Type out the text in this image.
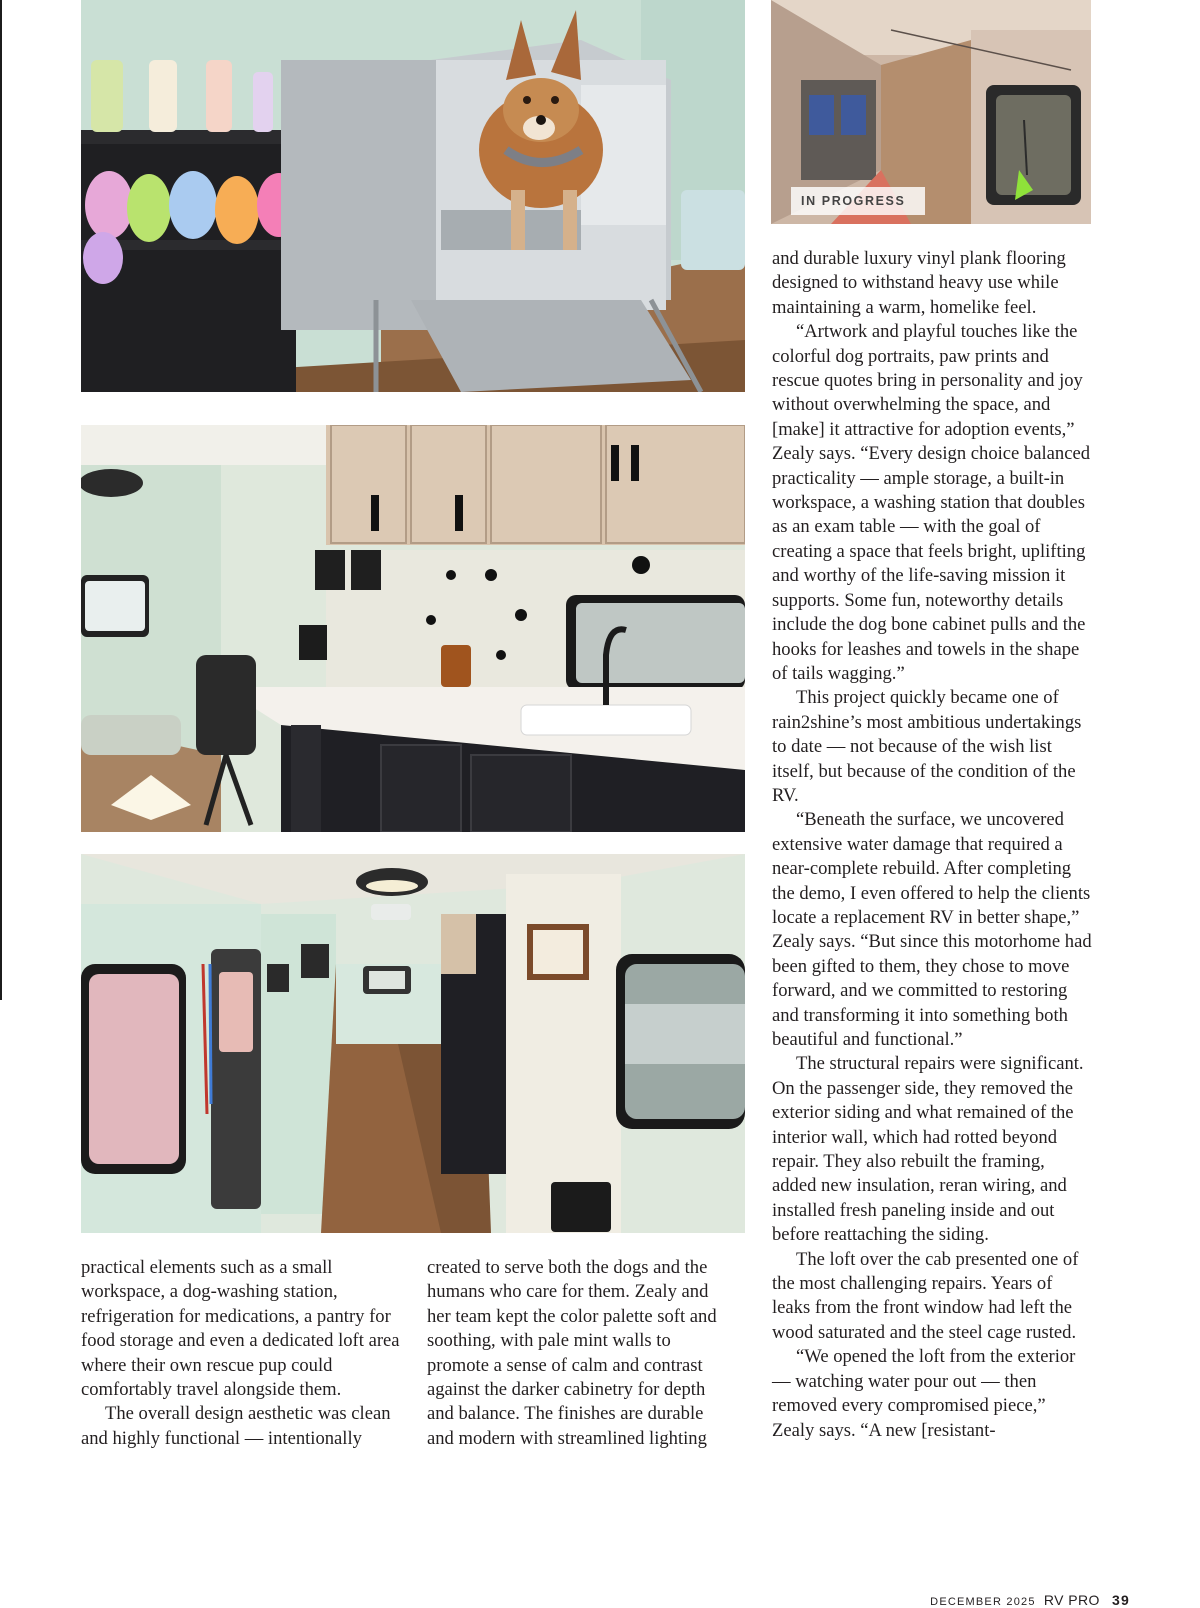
IN PROGRESS

practical elements such as a small workspace, a dog-washing station, refrigeration for medications, a pantry for food storage and even a dedicated loft area where their own rescue pup could comfortably travel alongside them.

The overall design aesthetic was clean and highly functional — intentionally

created to serve both the dogs and the humans who care for them. Zealy and her team kept the color palette soft and soothing, with pale mint walls to promote a sense of calm and contrast against the darker cabinetry for depth and balance. The finishes are durable and modern with streamlined lighting

and durable luxury vinyl plank flooring designed to withstand heavy use while maintaining a warm, homelike feel.

“Artwork and playful touches like the colorful dog portraits, paw prints and rescue quotes bring in personality and joy without overwhelming the space, and [make] it attractive for adoption events,” Zealy says. “Every design choice balanced practicality — ample storage, a built-in workspace, a washing station that doubles as an exam table — with the goal of creating a space that feels bright, uplifting and worthy of the life-saving mission it supports. Some fun, noteworthy details include the dog bone cabinet pulls and the hooks for leashes and towels in the shape of tails wagging.”

This project quickly became one of rain2shine’s most ambitious undertakings to date — not because of the wish list itself, but because of the condition of the RV.

“Beneath the surface, we uncovered extensive water damage that required a near-complete rebuild. After completing the demo, I even offered to help the clients locate a replacement RV in better shape,” Zealy says. “But since this motorhome had been gifted to them, they chose to move forward, and we committed to restoring and transforming it into something both beautiful and functional.”

The structural repairs were significant. On the passenger side, they removed the exterior siding and what remained of the interior wall, which had rotted beyond repair. They also rebuilt the framing, added new insulation, reran wiring, and installed fresh paneling inside and out before reattaching the siding.

The loft over the cab presented one of the most challenging repairs. Years of leaks from the front window had left the wood saturated and the steel cage rusted.

“We opened the loft from the exterior — watching water pour out — then removed every compromised piece,” Zealy says. “A new [resistant-

DECEMBER 2025 RV PRO 39
